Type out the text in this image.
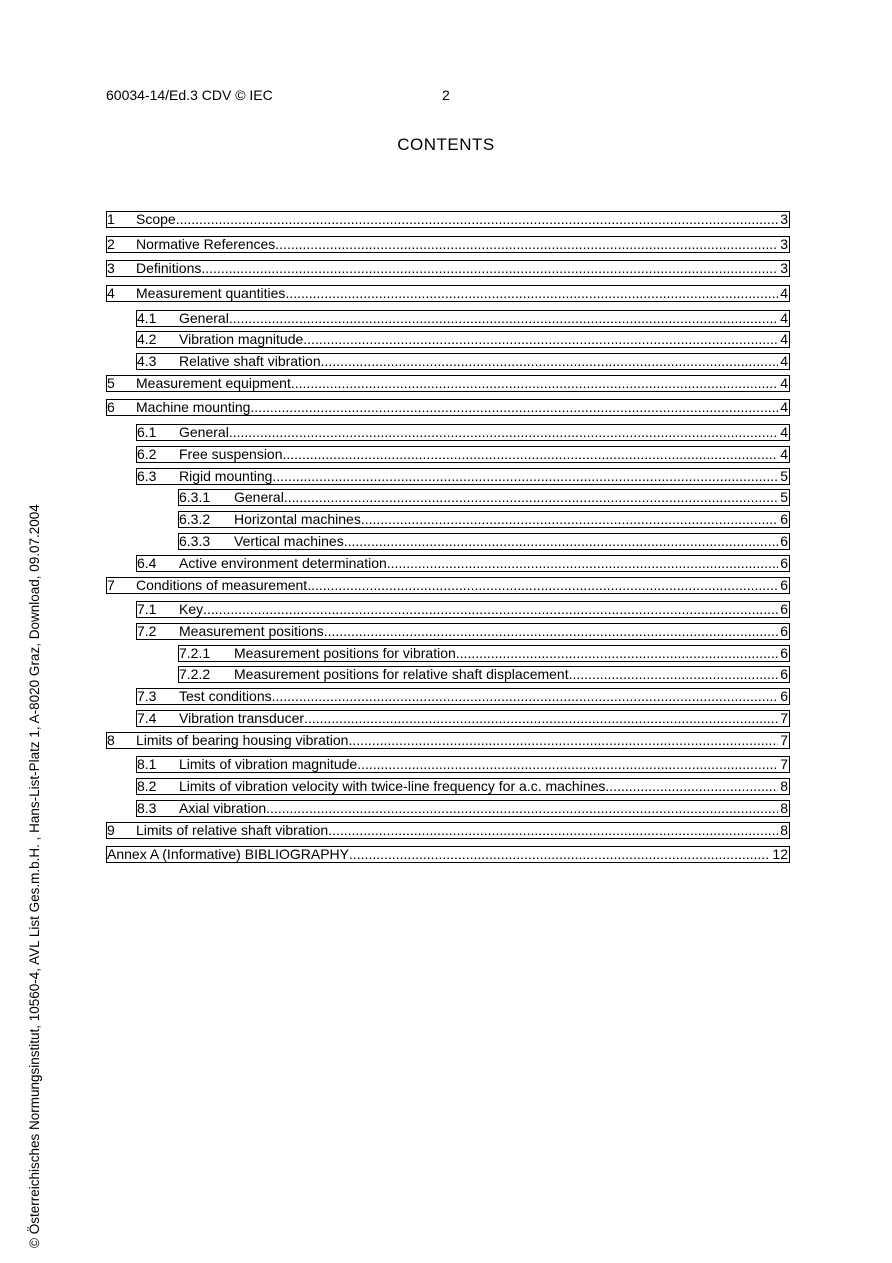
60034-14/Ed.3 CDV © IEC	2
CONTENTS
© Österreichisches Normungsinstitut, 10560-4, AVL List Ges.m.b.H. , Hans-List-Platz 1, A-8020 Graz, Download, 09.07.2004
1	Scope .....	3
2	Normative References .....	3
3	Definitions .....	3
4	Measurement quantities .....	4
4.1	General .....	4
4.2	Vibration magnitude .....	4
4.3	Relative shaft vibration .....	4
5	Measurement equipment .....	4
6	Machine mounting .....	4
6.1	General .....	4
6.2	Free suspension .....	4
6.3	Rigid mounting .....	5
6.3.1	General .....	5
6.3.2	Horizontal machines .....	6
6.3.3	Vertical machines .....	6
6.4	Active environment determination .....	6
7	Conditions of measurement .....	6
7.1	Key .....	6
7.2	Measurement positions .....	6
7.2.1	Measurement positions for vibration .....	6
7.2.2	Measurement positions for relative shaft displacement .....	6
7.3	Test conditions .....	6
7.4	Vibration transducer .....	7
8	Limits of bearing housing vibration .....	7
8.1	Limits of vibration magnitude .....	7
8.2	Limits of vibration velocity with twice-line frequency for a.c. machines .....	8
8.3	Axial vibration .....	8
9	Limits of relative shaft vibration .....	8
Annex A (Informative) BIBLIOGRAPHY .....	12
